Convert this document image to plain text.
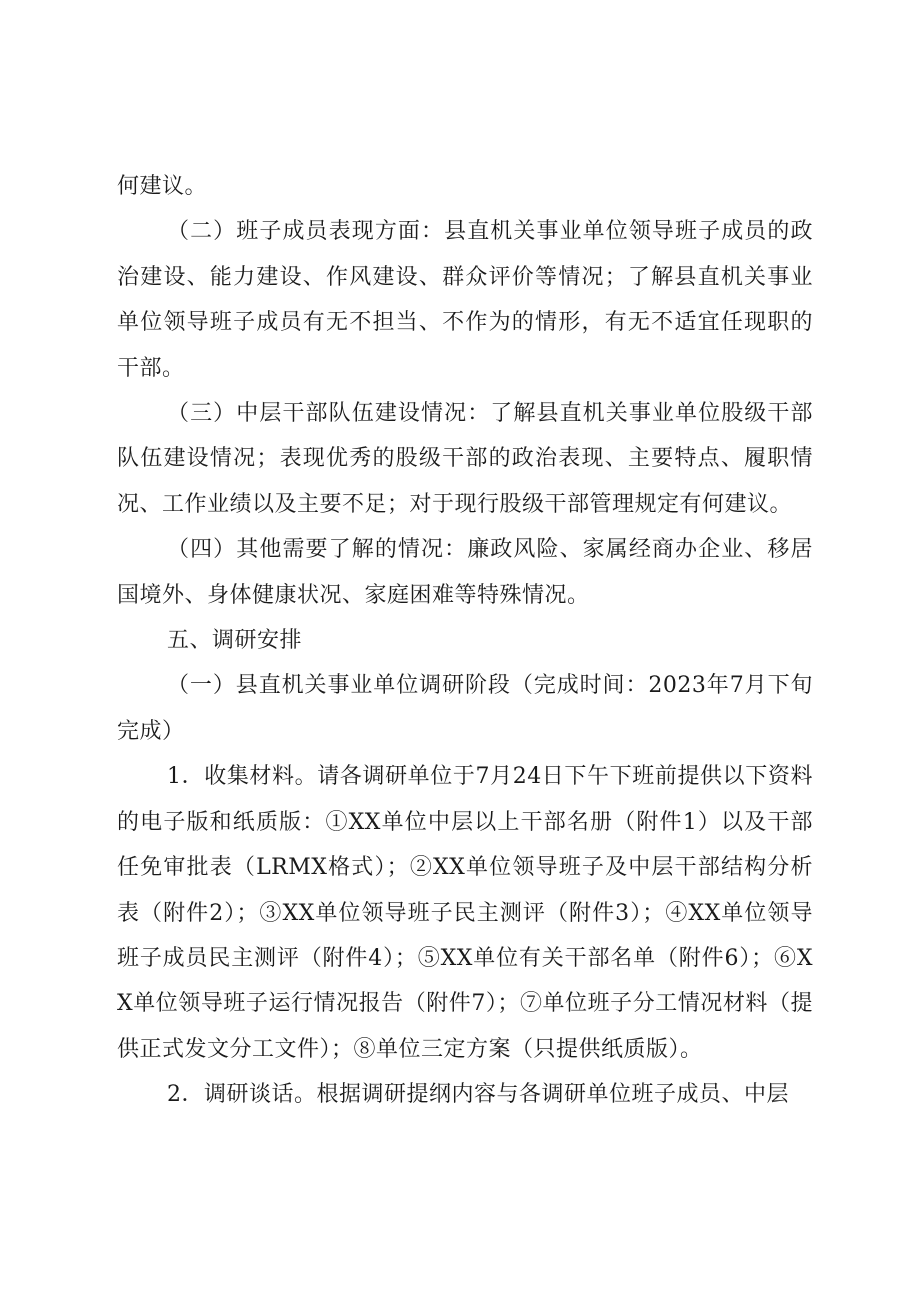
何建议。

（二）班子成员表现方面：县直机关事业单位领导班子成员的政治建设、能力建设、作风建设、群众评价等情况；了解县直机关事业单位领导班子成员有无不担当、不作为的情形，有无不适宜任现职的干部。

（三）中层干部队伍建设情况：了解县直机关事业单位股级干部队伍建设情况；表现优秀的股级干部的政治表现、主要特点、履职情况、工作业绩以及主要不足；对于现行股级干部管理规定有何建议。

（四）其他需要了解的情况：廉政风险、家属经商办企业、移居国境外、身体健康状况、家庭困难等特殊情况。

五、调研安排

（一）县直机关事业单位调研阶段（完成时间：2023年7月下旬完成）

1．收集材料。请各调研单位于7月24日下午下班前提供以下资料的电子版和纸质版：①XX单位中层以上干部名册（附件1）以及干部任免审批表（LRMX格式）；②XX单位领导班子及中层干部结构分析表（附件2）；③XX单位领导班子民主测评（附件3）；④XX单位领导班子成员民主测评（附件4）；⑤XX单位有关干部名单（附件6）；⑥XX单位领导班子运行情况报告（附件7）；⑦单位班子分工情况材料（提供正式发文分工文件）；⑧单位三定方案（只提供纸质版）。

2．调研谈话。根据调研提纲内容与各调研单位班子成员、中层
